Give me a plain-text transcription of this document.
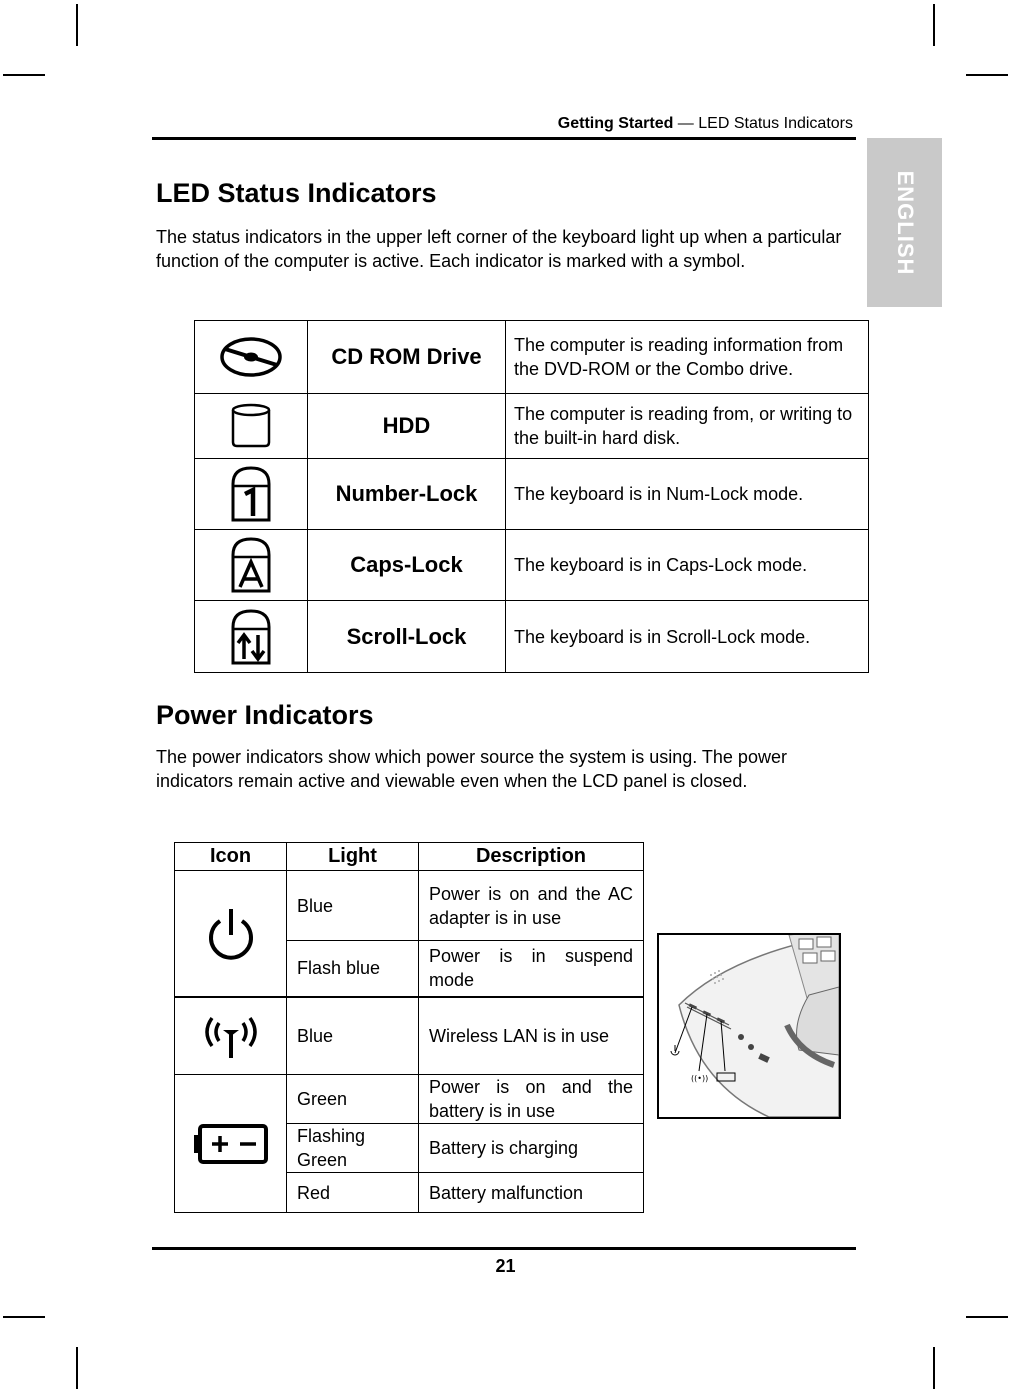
ENGLISH
Getting Started — LED Status Indicators
LED Status Indicators
The status indicators in the upper left corner of the keyboard light up when a particular function of the computer is active. Each indicator is marked with a symbol.
	CD ROM Drive	The computer is reading information from the DVD-ROM or the Combo drive.

	HDD	The computer is reading from, or writing to the built-in hard disk.

	Number-Lock	The keyboard is in Num-Lock mode.

	Caps-Lock	The keyboard is in Caps-Lock mode.

	Scroll-Lock	The keyboard is in Scroll-Lock mode.
Power Indicators
The power indicators show which power source the system is using. The power indicators remain active and viewable even when the LCD panel is closed.
Icon	Light	Description

	Blue	Power is on and the AC adapter is in use
	Flash blue	Power is in suspend mode

	Blue	Wireless LAN is in use

	Green	Power is on and the battery is in use
	Flashing Green	Battery is charging
	Red	Battery malfunction
((•))
21
